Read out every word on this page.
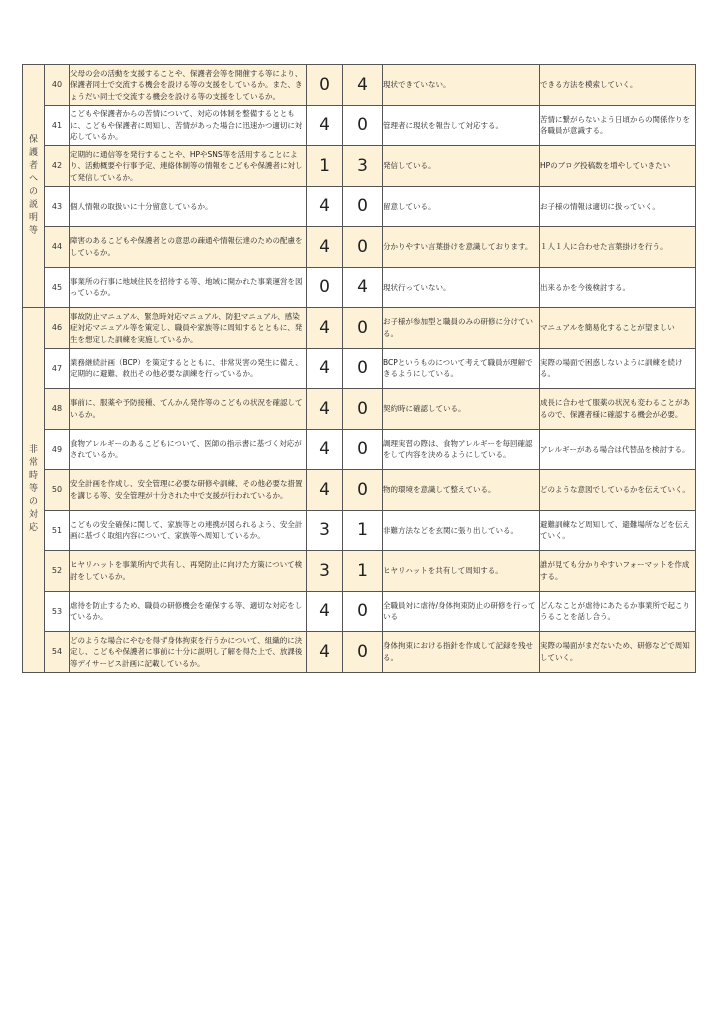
保護者への説明等	40	父母の会の活動を支援することや、保護者会等を開催する等により、保護者同士で交流する機会を設ける等の支援をしているか。また、きょうだい同士で交流する機会を設ける等の支援をしているか。	0	4	現状できていない。	できる方法を模索していく。
	41	こどもや保護者からの苦情について、対応の体制を整備するとともに、こどもや保護者に周知し、苦情があった場合に迅速かつ適切に対応しているか。	4	0	管理者に現状を報告して対応する。	苦情に繋がらないよう日頃からの関係作りを各職員が意識する。
	42	定期的に通信等を発行することや、HPやSNS等を活用することにより、活動概要や行事予定、連絡体制等の情報をこどもや保護者に対して発信しているか。	1	3	発信している。	HPのブログ投稿数を増やしていきたい
	43	個人情報の取扱いに十分留意しているか。	4	0	留意している。	お子様の情報は適切に扱っていく。
	44	障害のあるこどもや保護者との意思の疎通や情報伝達のための配慮をしているか。	4	0	分かりやすい言葉掛けを意識しております。	１人１人に合わせた言葉掛けを行う。
	45	事業所の行事に地域住民を招待する等、地域に開かれた事業運営を図っているか。	0	4	現状行っていない。	出来るかを今後検討する。

非常時等の対応	46	事故防止マニュアル、緊急時対応マニュアル、防犯マニュアル、感染症対応マニュアル等を策定し、職員や家族等に周知するとともに、発生を想定した訓練を実施しているか。	4	0	お子様が参加型と職員のみの研修に分けている。	マニュアルを簡易化することが望ましい
	47	業務継続計画（BCP）を策定するとともに、非常災害の発生に備え、定期的に避難、救出その他必要な訓練を行っているか。	4	0	BCPというものについて考えて職員が理解できるようにしている。	実際の場面で困惑しないように訓練を続ける。
	48	事前に、服薬や予防接種、てんかん発作等のこどもの状況を確認しているか。	4	0	契約時に確認している。	成長に合わせて服薬の状況も変わることがあるので、保護者様に確認する機会が必要。
	49	食物アレルギーのあるこどもについて、医師の指示書に基づく対応がされているか。	4	0	調理実習の際は、食物アレルギーを毎回確認をして内容を決めるようにしている。	アレルギーがある場合は代替品を検討する。
	50	安全計画を作成し、安全管理に必要な研修や訓練、その他必要な措置を講じる等、安全管理が十分された中で支援が行われているか。	4	0	物的環境を意識して整えている。	どのような意図でしているかを伝えていく。
	51	こどもの安全確保に関して、家族等との連携が図られるよう、安全計画に基づく取組内容について、家族等へ周知しているか。	3	1	非難方法などを玄関に張り出している。	避難訓練など周知して、避難場所などを伝えていく。
	52	ヒヤリハットを事業所内で共有し、再発防止に向けた方策について検討をしているか。	3	1	ヒヤリハットを共有して周知する。	誰が見ても分かりやすいフォーマットを作成する。
	53	虐待を防止するため、職員の研修機会を確保する等、適切な対応をしているか。	4	0	全職員対に虐待/身体拘束防止の研修を行っている	どんなことが虐待にあたるか事業所で起こりうることを話し合う。
	54	どのような場合にやむを得ず身体拘束を行うかについて、組織的に決定し、こどもや保護者に事前に十分に説明し了解を得た上で、放課後等デイサービス計画に記載しているか。	4	0	身体拘束における指針を作成して記録を残せる。	実際の場面がまだないため、研修などで周知していく。
